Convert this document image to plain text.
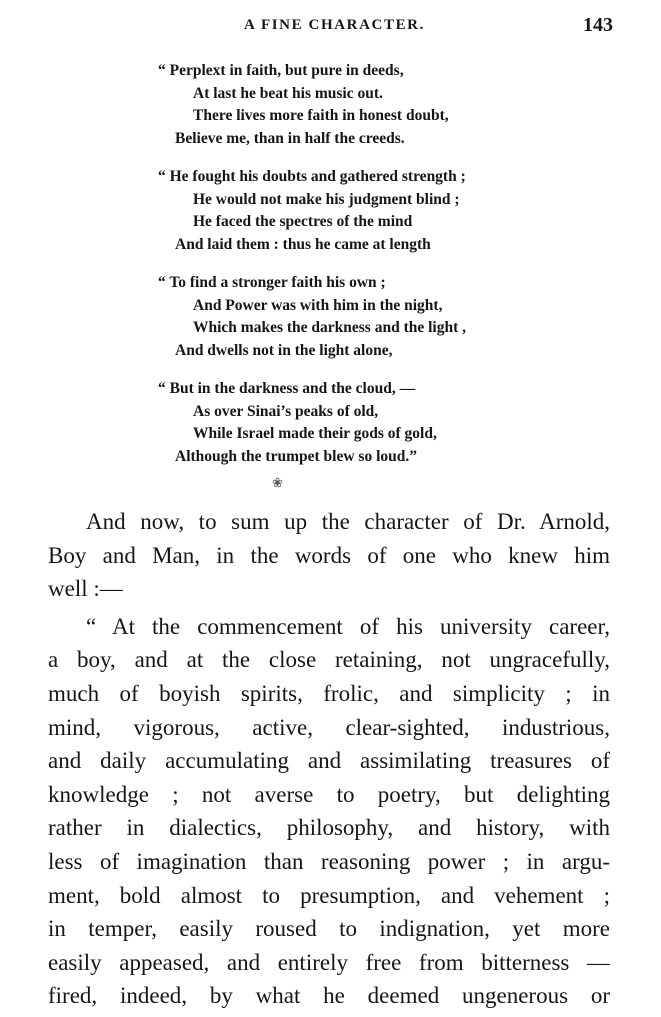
A FINE CHARACTER.	143
“ Perplext in faith, but pure in deeds,
At last he beat his music out.
There lives more faith in honest doubt,
Believe me, than in half the creeds.
“ He fought his doubts and gathered strength ;
He would not make his judgment blind ;
He faced the spectres of the mind
And laid them : thus he came at length
“ To find a stronger faith his own ;
And Power was with him in the night,
Which makes the darkness and the light ,
And dwells not in the light alone,
“ But in the darkness and the cloud, —
As over Sinai’s peaks of old,
While Israel made their gods of gold,
Although the trumpet blew so loud.”
❀
And now, to sum up the character of Dr. Arnold,
Boy and Man, in the words of one who knew him
well :—
“ At the commencement of his university career,
a boy, and at the close retaining, not ungracefully,
much of boyish spirits, frolic, and simplicity ; in
mind, vigorous, active, clear-sighted, industrious,
and daily accumulating and assimilating treasures of
knowledge ; not averse to poetry, but delighting
rather in dialectics, philosophy, and history, with
less of imagination than reasoning power ; in argu-
ment, bold almost to presumption, and vehement ;
in temper, easily roused to indignation, yet more
easily appeased, and entirely free from bitterness —
fired, indeed, by what he deemed ungenerous or
